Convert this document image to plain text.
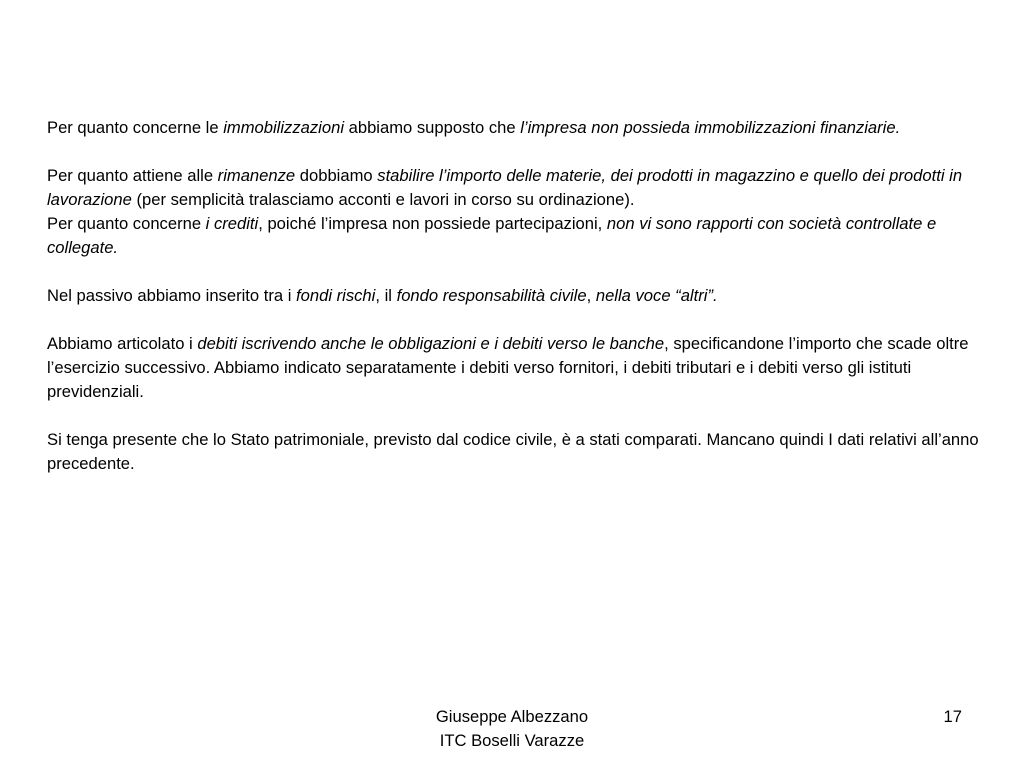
Per quanto concerne le immobilizzazioni abbiamo supposto che l’impresa non possieda immobilizzazioni finanziarie.

Per quanto attiene alle rimanenze dobbiamo stabilire l’importo delle materie, dei prodotti in magazzino e quello dei prodotti in lavorazione (per semplicità tralasciamo acconti e lavori in corso su ordinazione).

Per quanto concerne i crediti, poiché l’impresa non possiede partecipazioni, non vi sono rapporti con società controllate e collegate.

Nel passivo abbiamo inserito tra i fondi rischi, il fondo responsabilità civile, nella voce “altri”.

Abbiamo articolato i debiti iscrivendo anche le obbligazioni e i debiti verso le banche, specificandone l’importo che scade oltre l’esercizio successivo. Abbiamo indicato separatamente i debiti verso fornitori, i debiti tributari e i debiti verso gli istituti previdenziali.

Si tenga presente che lo Stato patrimoniale, previsto dal codice civile, è a stati comparati. Mancano quindi I dati relativi all’anno precedente.

Giuseppe Albezzano
ITC Boselli Varazze
17
